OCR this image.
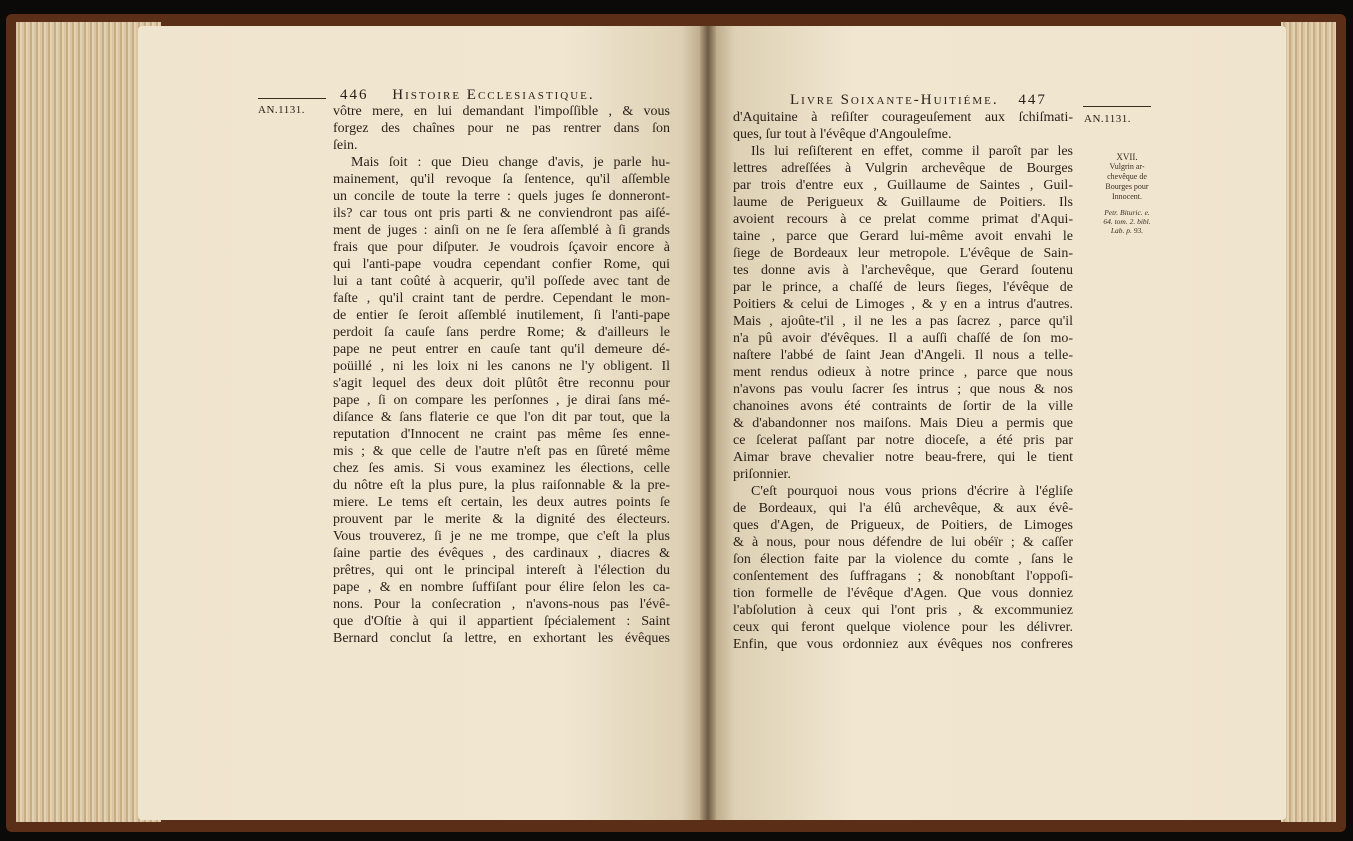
AN.1131.
446 Histoire Ecclesiastique.

vôtre mere, en lui demandant l'impoſſible , & vous

forgez des chaînes pour ne pas rentrer dans ſon

ſein.

Mais ſoit : que Dieu change d'avis, je parle hu-

mainement, qu'il revoque ſa ſentence, qu'il aſſemble

un concile de toute la terre : quels juges ſe donneront-

ils? car tous ont pris parti & ne conviendront pas aiſé-

ment de juges : ainſi on ne ſe ſera aſſemblé à ſi grands

frais que pour diſputer. Je voudrois ſçavoir encore à

qui l'anti-pape voudra cependant confier Rome, qui

lui a tant coûté à acquerir, qu'il poſſede avec tant de

faſte , qu'il craint tant de perdre. Cependant le mon-

de entier ſe ſeroit aſſemblé inutilement, ſi l'anti-pape

perdoit ſa cauſe ſans perdre Rome; & d'ailleurs le

pape ne peut entrer en cauſe tant qu'il demeure dé-

poüillé , ni les loix ni les canons ne l'y obligent. Il

s'agit lequel des deux doit plûtôt être reconnu pour

pape , ſi on compare les perſonnes , je dirai ſans mé-

diſance & ſans flaterie ce que l'on dit par tout, que la

reputation d'Innocent ne craint pas même ſes enne-

mis ; & que celle de l'autre n'eſt pas en ſûreté même

chez ſes amis. Si vous examinez les élections, celle

du nôtre eſt la plus pure, la plus raiſonnable & la pre-

miere. Le tems eſt certain, les deux autres points ſe

prouvent par le merite & la dignité des électeurs.

Vous trouverez, ſi je ne me trompe, que c'eſt la plus

ſaine partie des évêques , des cardinaux , diacres &

prêtres, qui ont le principal intereſt à l'élection du

pape , & en nombre ſuffiſant pour élire ſelon les ca-

nons. Pour la conſecration , n'avons-nous pas l'évê-

que d'Oſtie à qui il appartient ſpécialement : Saint

Bernard conclut ſa lettre, en exhortant les évêques

Livre Soixante-Huitiéme. 447
AN.1131.

d'Aquitaine à reſiſter courageuſement aux ſchiſmati-

ques, ſur tout à l'évêque d'Angouleſme.

Ils lui reſiſterent en effet, comme il paroît par les

lettres adreſſées à Vulgrin archevêque de Bourges

par trois d'entre eux , Guillaume de Saintes , Guil-

laume de Perigueux & Guillaume de Poitiers. Ils

avoient recours à ce prelat comme primat d'Aqui-

taine , parce que Gerard lui-même avoit envahi le

ſiege de Bordeaux leur metropole. L'évêque de Sain-

tes donne avis à l'archevêque, que Gerard ſoutenu

par le prince, a chaſſé de leurs ſieges, l'évêque de

Poitiers & celui de Limoges , & y en a intrus d'autres.

Mais , ajoûte-t'il , il ne les a pas ſacrez , parce qu'il

n'a pû avoir d'évêques. Il a auſſi chaſſé de ſon mo-

naſtere l'abbé de ſaint Jean d'Angeli. Il nous a telle-

ment rendus odieux à notre prince , parce que nous

n'avons pas voulu ſacrer ſes intrus ; que nous & nos

chanoines avons été contraints de ſortir de la ville

& d'abandonner nos maiſons. Mais Dieu a permis que

ce ſcelerat paſſant par notre dioceſe, a été pris par

Aimar brave chevalier notre beau-frere, qui le tient

priſonnier.

C'eſt pourquoi nous vous prions d'écrire à l'égliſe

de Bordeaux, qui l'a élû archevêque, & aux évê-

ques d'Agen, de Prigueux, de Poitiers, de Limoges

& à nous, pour nous défendre de lui obéïr ; & caſſer

ſon élection faite par la violence du comte , ſans le

conſentement des ſuffragans ; & nonobſtant l'oppoſi-

tion formelle de l'évêque d'Agen. Que vous donniez

l'abſolution à ceux qui l'ont pris , & excommuniez

ceux qui feront quelque violence pour les délivrer.

Enfin, que vous ordonniez aux évêques nos confreres

XVII.
Vulgrin ar-
chevêque de
Bourges pour
Innocent.
Petr. Bituric. e.
64. tom. 2. bibl.
Lab. p. 93.
